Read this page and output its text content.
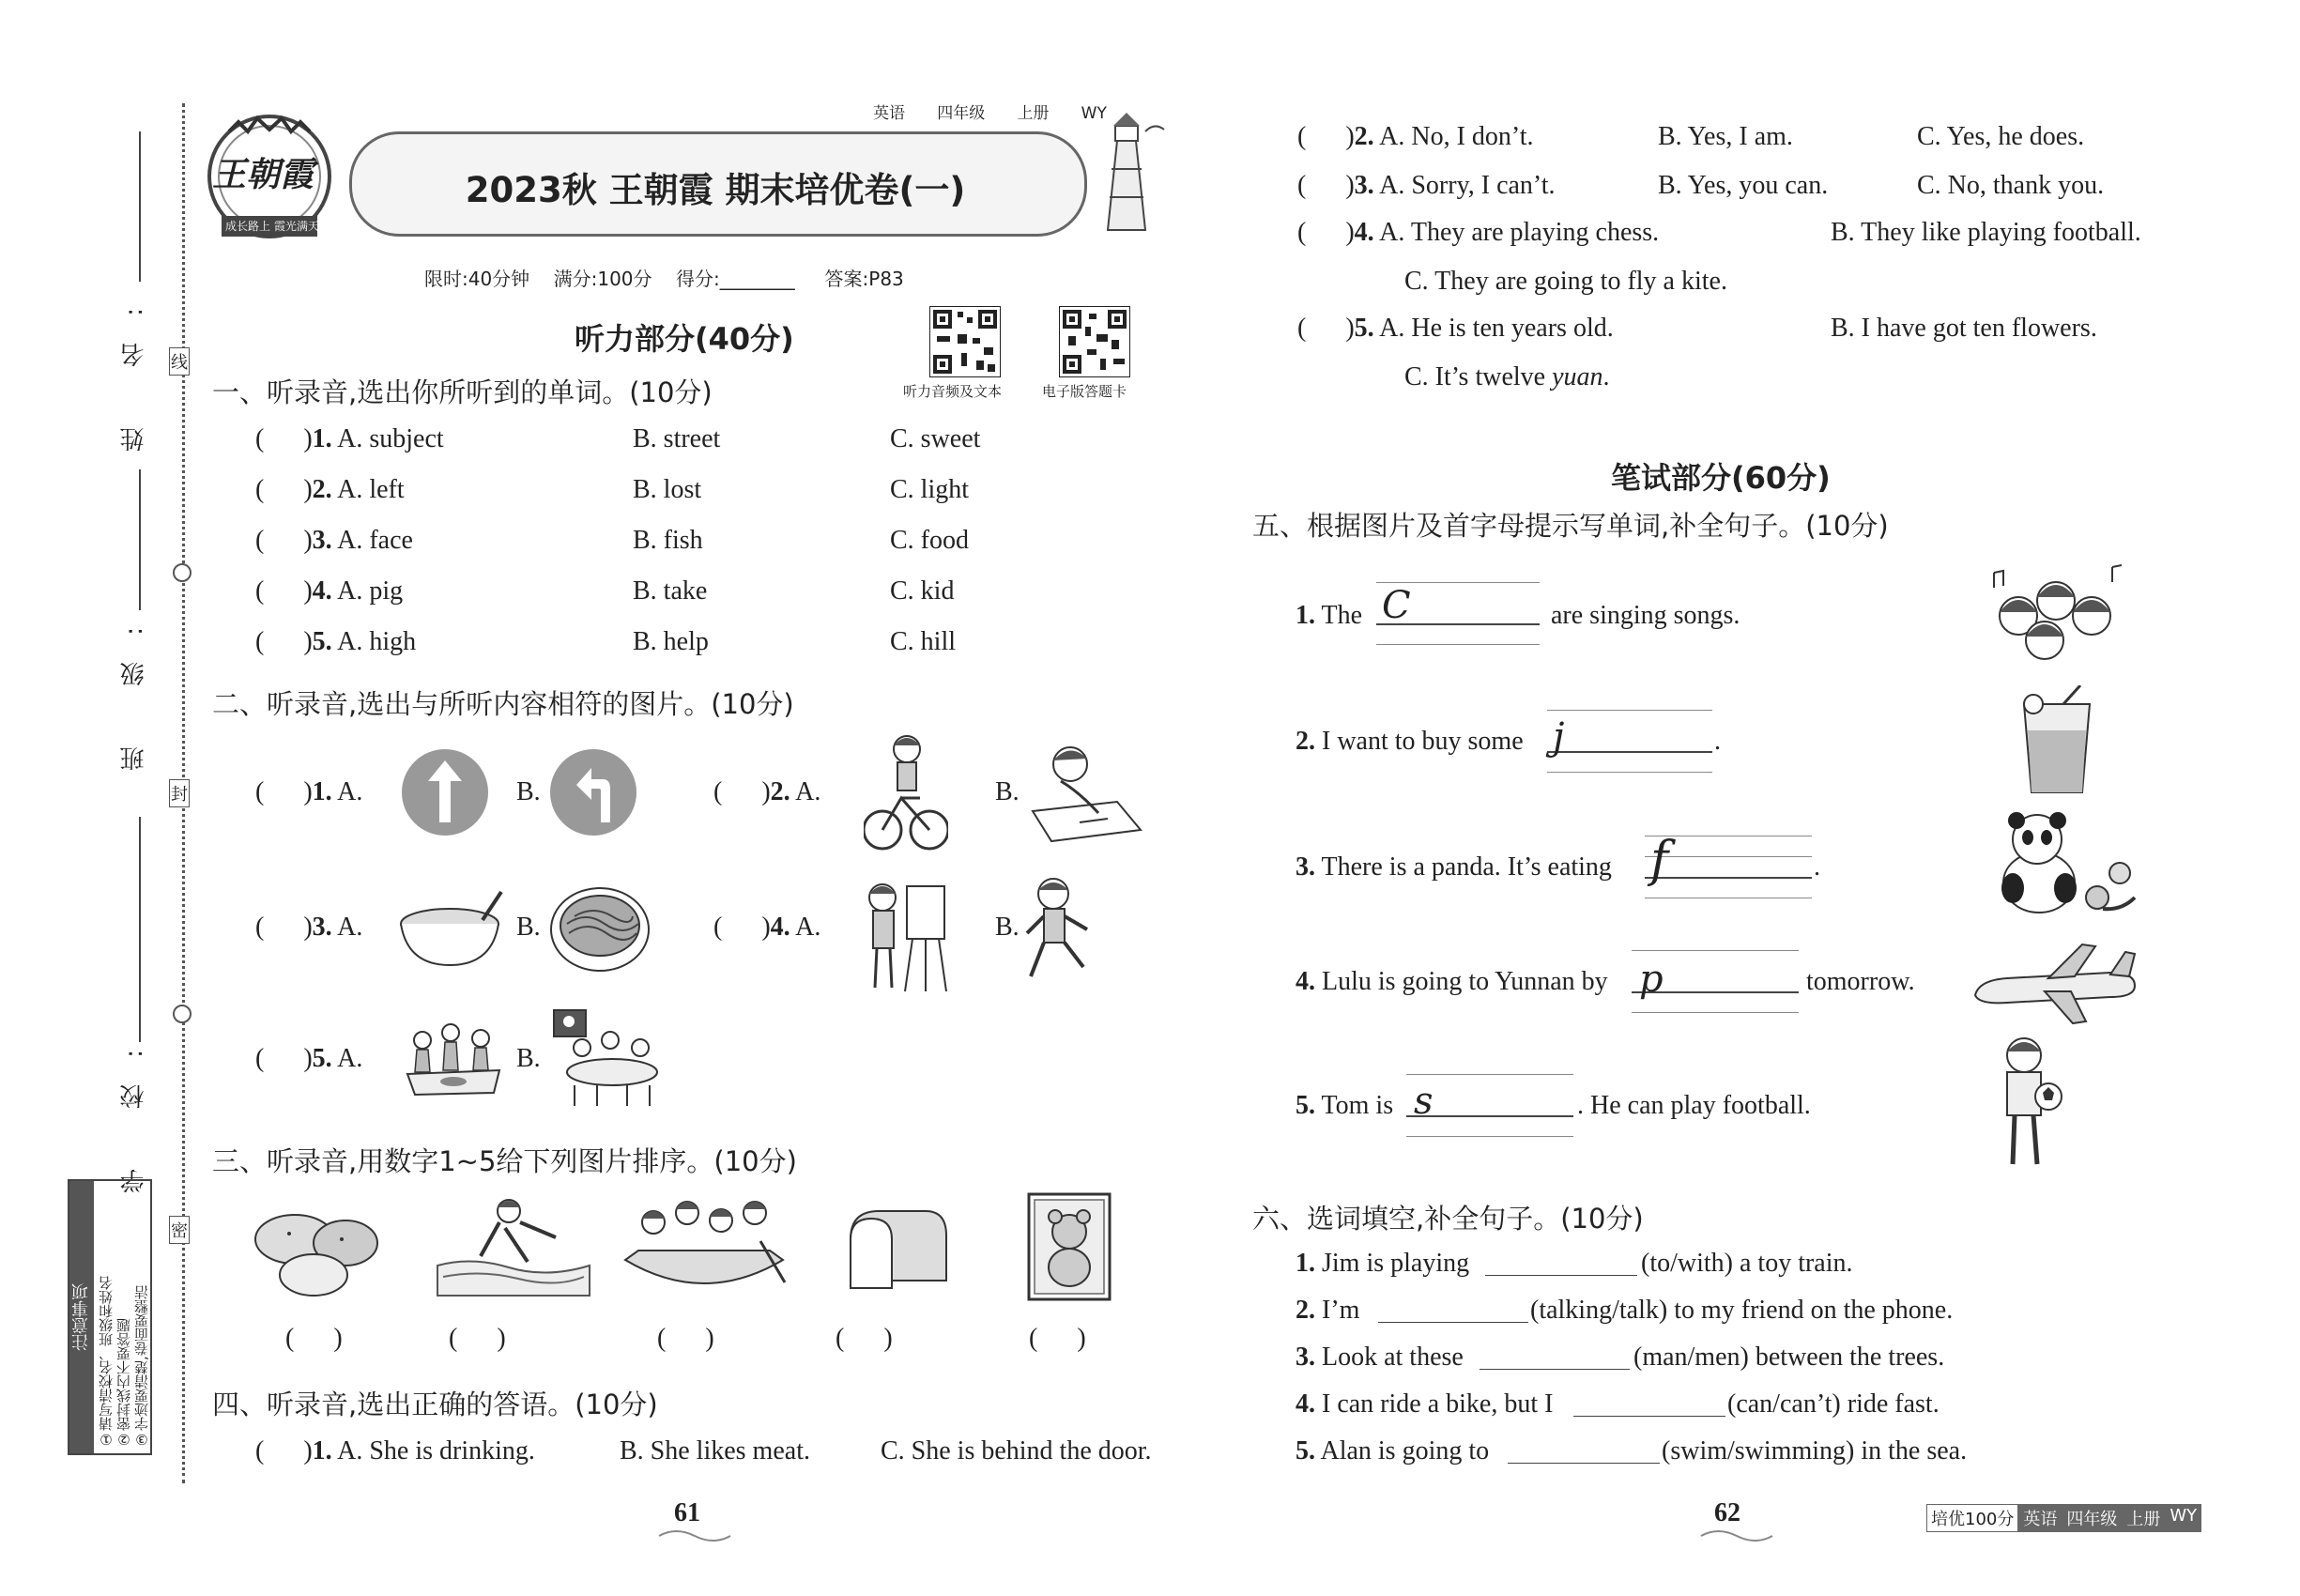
线
封
密
姓 名:
班 级:
学 校:
注意事项 ①请写清校名、班级和姓名 ②密封线内不要答题 ③字迹要清楚,卷面要整洁
英语 四年级 上册 WY
王朝霞
成长路上 霞光满天
2023秋 王朝霞 期末培优卷(一)
限时:40分钟 满分:100分 得分:________ 答案:P83
听力音频及文本	电子版答题卡
听力部分(40分)
一、听录音,选出你所听到的单词。(10分)
(      )1. A. subject	B. street	C. sweet
(      )2. A. left	B. lost	C. light
(      )3. A. face	B. fish	C. food
(      )4. A. pig	B. take	C. kid
(      )5. A. high	B. help	C. hill
二、听录音,选出与所听内容相符的图片。(10分)
(      )1. A.	B.	(      )2. A.	B.
(      )3. A.	B.	(      )4. A.	B.
(      )5. A.	B.
三、听录音,用数字1~5给下列图片排序。(10分)
(      )	(      )	(      )	(      )	(      )
四、听录音,选出正确的答语。(10分)
(      )1. A. She is drinking.	B. She likes meat.	C. She is behind the door.
(      )2. A. No, I don’t.	B. Yes, I am.	C. Yes, he does.
(      )3. A. Sorry, I can’t.	B. Yes, you can.	C. No, thank you.
(      )4. A. They are playing chess.	B. They like playing football.
C. They are going to fly a kite.
(      )5. A. He is ten years old.	B. I have got ten flowers.
C. It’s twelve yuan.
笔试部分(60分)
五、根据图片及首字母提示写单词,补全句子。(10分)
1. The C	are singing songs.
2. I want to buy some j	.
3. There is a panda. It’s eating f	.
4. Lulu is going to Yunnan by p	tomorrow.
5. Tom is s	. He can play football.
六、选词填空,补全句子。(10分)
1. Jim is playing	(to/with) a toy train.
2. I’m	(talking/talk) to my friend on the phone.
3. Look at these	(man/men) between the trees.
4. I can ride a bike, but I	(can/can’t) ride fast.
5. Alan is going to	(swim/swimming) in the sea.
61	62	培优100分 英语 四年级 上册 WY
